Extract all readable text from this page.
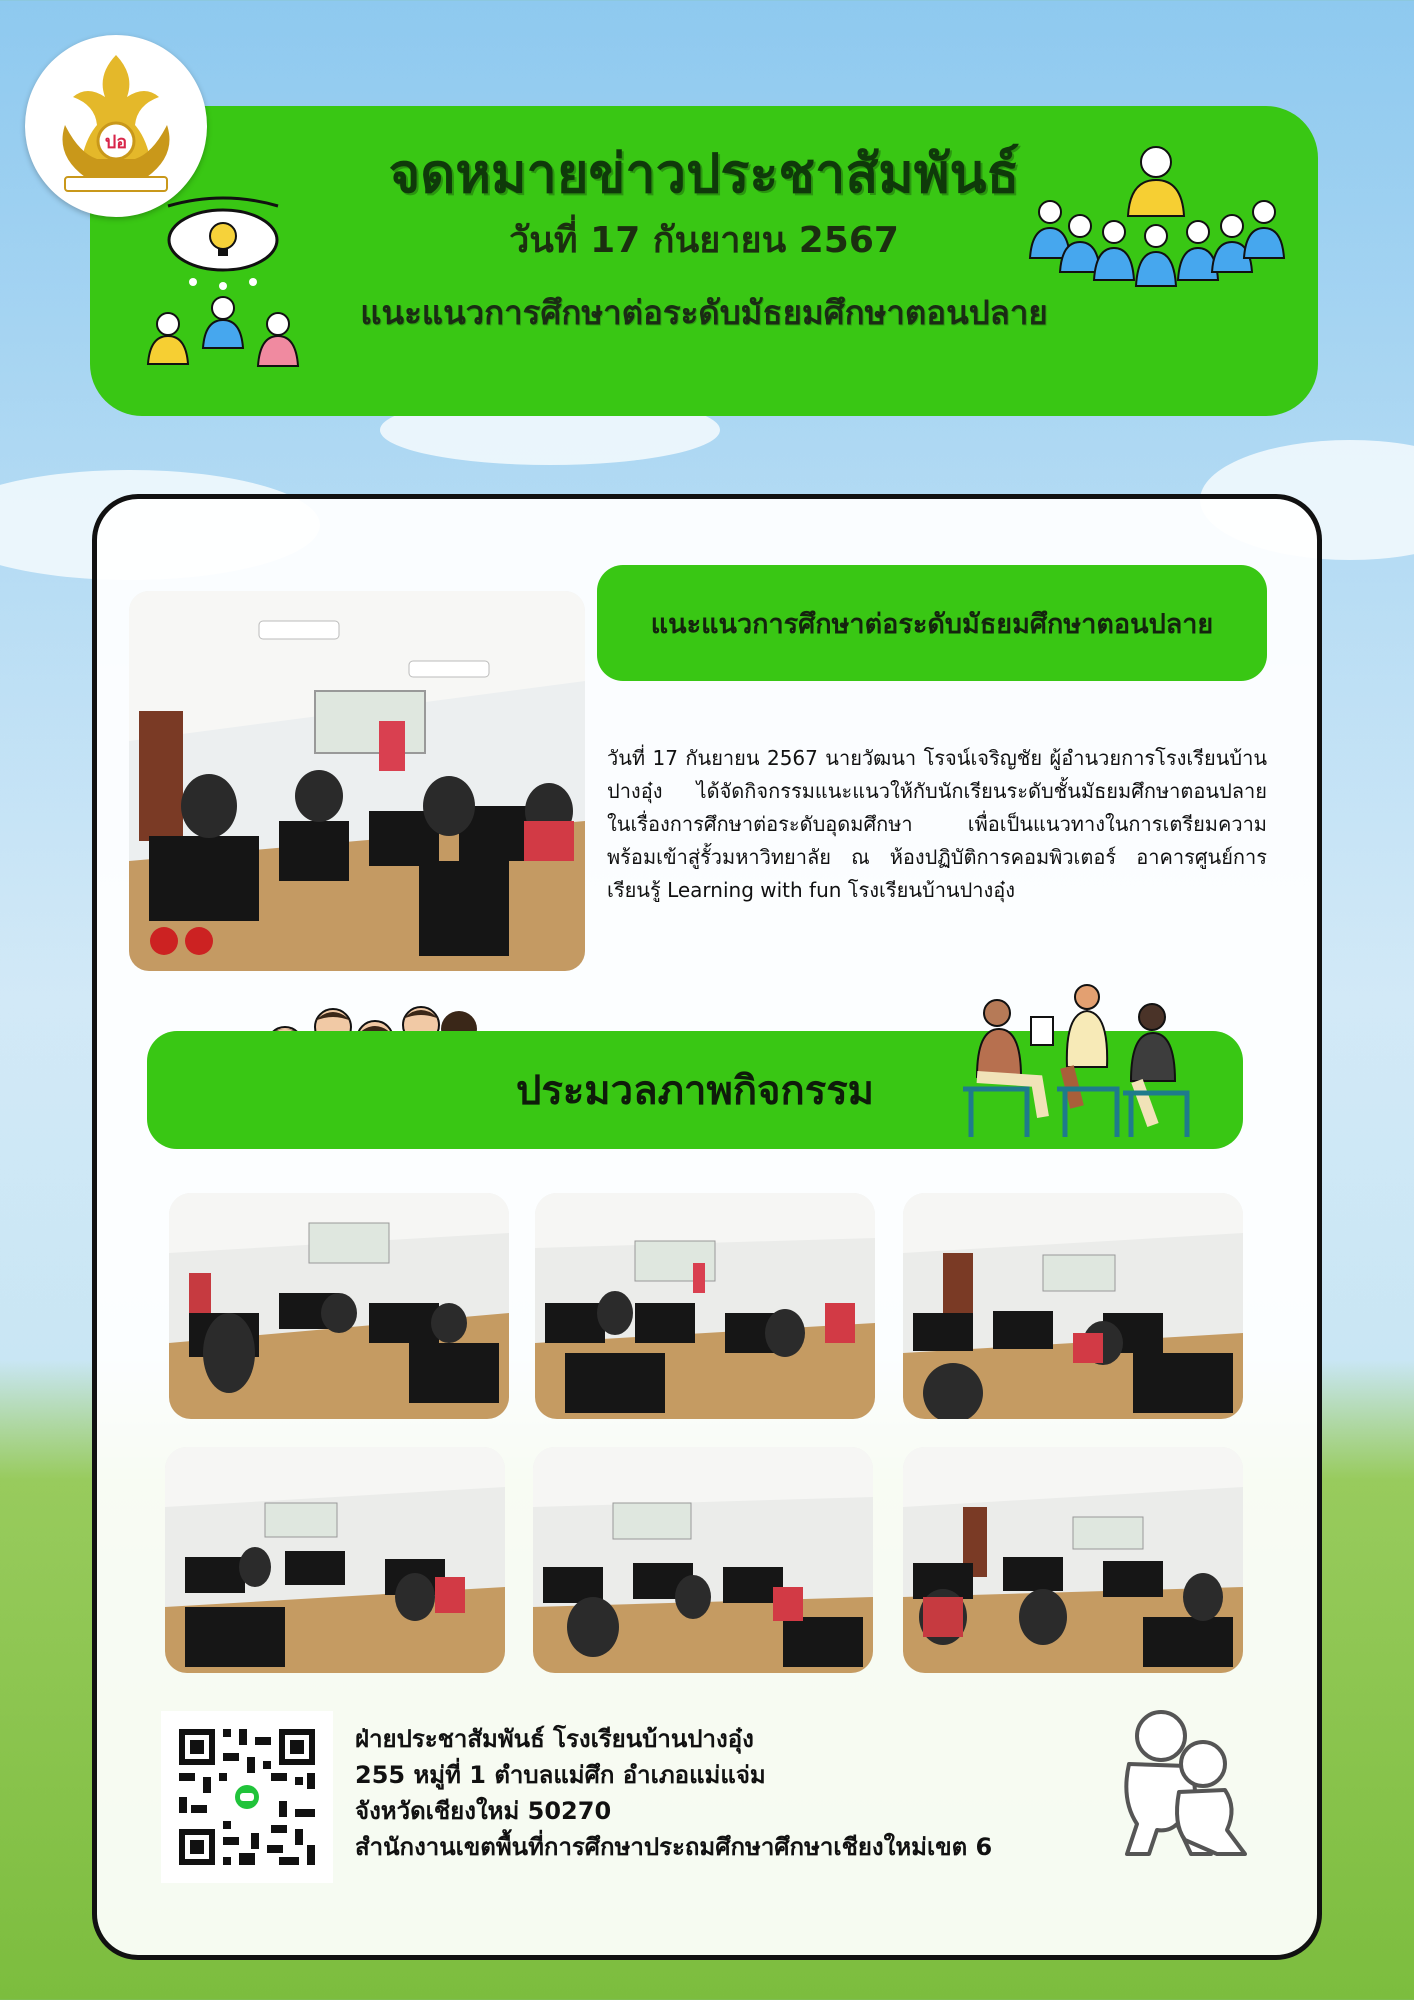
ปอ	จดหมายข่าวประชาสัมพันธ์
วันที่ 17 กันยายน 2567
แนะแนวการศึกษาต่อระดับมัธยมศึกษาตอนปลาย
แนะแนวการศึกษาต่อระดับมัธยมศึกษาตอนปลาย

วันที่ 17 กันยายน 2567 นายวัฒนา โรจน์เจริญชัย ผู้อำนวยการโรงเรียนบ้านปางอุ๋ง ได้จัดกิจกรรมแนะแนวให้กับนักเรียนระดับชั้นมัธยมศึกษาตอนปลาย ในเรื่องการศึกษาต่อระดับอุดมศึกษา เพื่อเป็นแนวทางในการเตรียมความพร้อมเข้าสู่รั้วมหาวิทยาลัย ณ ห้องปฏิบัติการคอมพิวเตอร์ อาคารศูนย์การเรียนรู้ Learning with fun โรงเรียนบ้านปางอุ๋ง

ประมวลภาพกิจกรรม
ฝ่ายประชาสัมพันธ์ โรงเรียนบ้านปางอุ๋ง
255 หมู่ที่ 1 ตำบลแม่ศึก อำเภอแม่แจ่ม
จังหวัดเชียงใหม่ 50270
สำนักงานเขตพื้นที่การศึกษาประถมศึกษาศึกษาเชียงใหม่เขต 6
